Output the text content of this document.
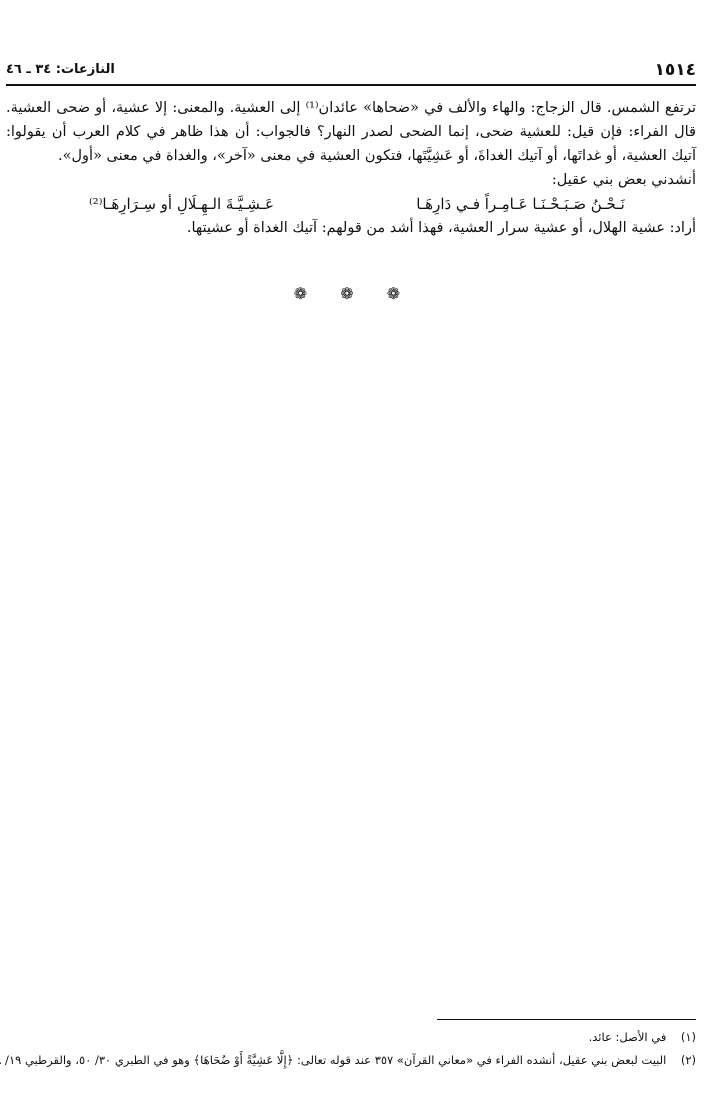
١٥١٤
النازعات: ٣٤ ـ ٤٦

ترتفع الشمس. قال الزجاج: والهاء والألف في «ضحاها» عائدان⁽¹⁾ إلى العشية. والمعنى: إلا عشية، أو ضحى العشية. قال الفراء: فإن قيل: للعشية ضحى، إنما الضحى لصدر النهار؟ فالجواب: أن هذا ظاهر في كلام العرب أن يقولوا: آتيك العشية، أو غداتَها، أو آتيك الغداةَ، أو عَشِيَّتَها، فتكون العشية في معنى «آخر»، والغداة في معنى «أول».

أنشدني بعض بني عقيل:

نَـحْـنُ صَـبَـحْـنَـا عَـامِـراً فـي دَارِهَـا
عَـشِـيَّـةَ الـهِـلَالِ أو سِـرَارِهَـا⁽²⁾

أراد: عشية الهلال، أو عشية سرار العشية، فهذا أشد من قولهم: آتيك الغداة أو عشيتها.

❁ ❁ ❁

(١) في الأصل: عائد.

(٢) البيت لبعض بني عقيل، أنشده الفراء في «معاني القرآن» ٣٥٧ عند قوله تعالى: ﴿إِلَّا عَشِيَّةً أَوْ ضُحَاهَا﴾ وهو في الطبري ٣٠/ ٥٠، والقرطبي ١٩/
